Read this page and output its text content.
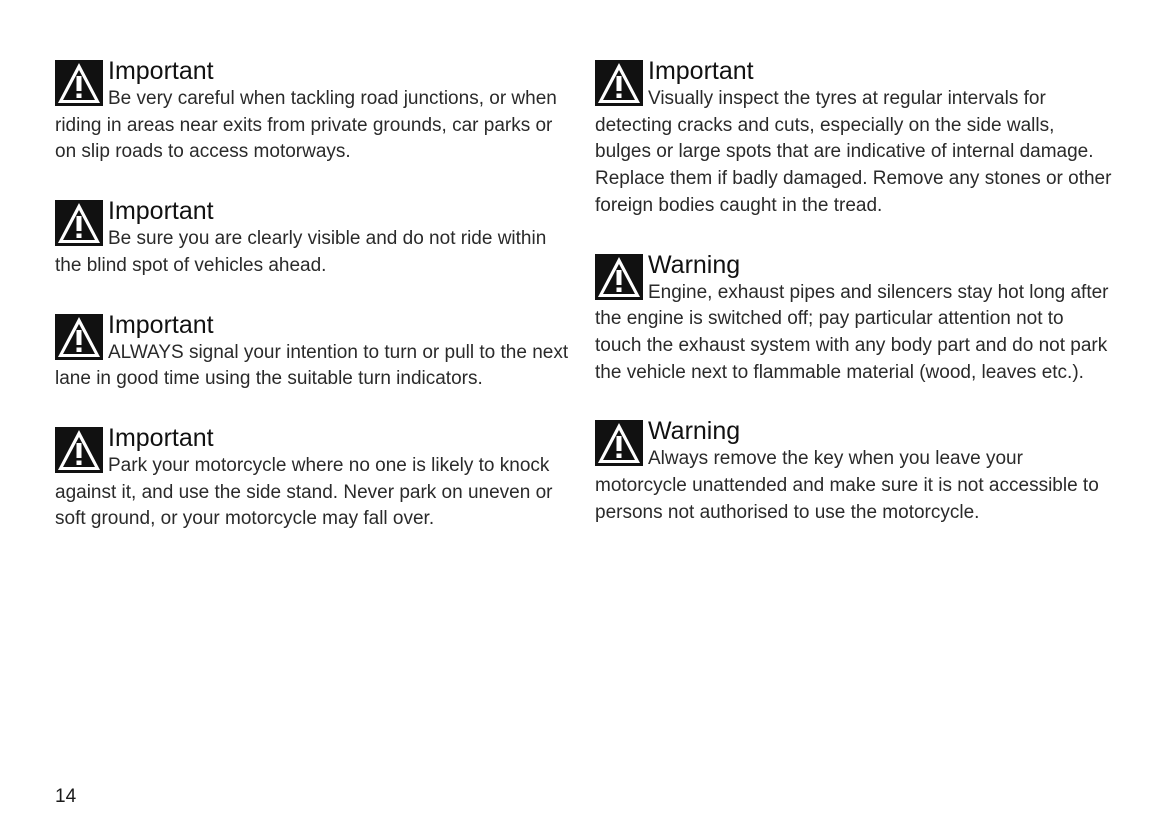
Important

Be very careful when tackling road junctions, or when riding in areas near exits from private grounds, car parks or on slip roads to access motorways.

Important

Be sure you are clearly visible and do not ride within the blind spot of vehicles ahead.

Important

ALWAYS signal your intention to turn or pull to the next lane in good time using the suitable turn indicators.

Important

Park your motorcycle where no one is likely to knock against it, and use the side stand. Never park on uneven or soft ground, or your motorcycle may fall over.

Important

Visually inspect the tyres at regular intervals for detecting cracks and cuts, especially on the side walls, bulges or large spots that are indicative of internal damage. Replace them if badly damaged. Remove any stones or other foreign bodies caught in the tread.

Warning

Engine, exhaust pipes and silencers stay hot long after the engine is switched off; pay particular attention not to touch the exhaust system with any body part and do not park the vehicle next to flammable material (wood, leaves etc.).

Warning

Always remove the key when you leave your motorcycle unattended and make sure it is not accessible to persons not authorised to use the motorcycle.

14
